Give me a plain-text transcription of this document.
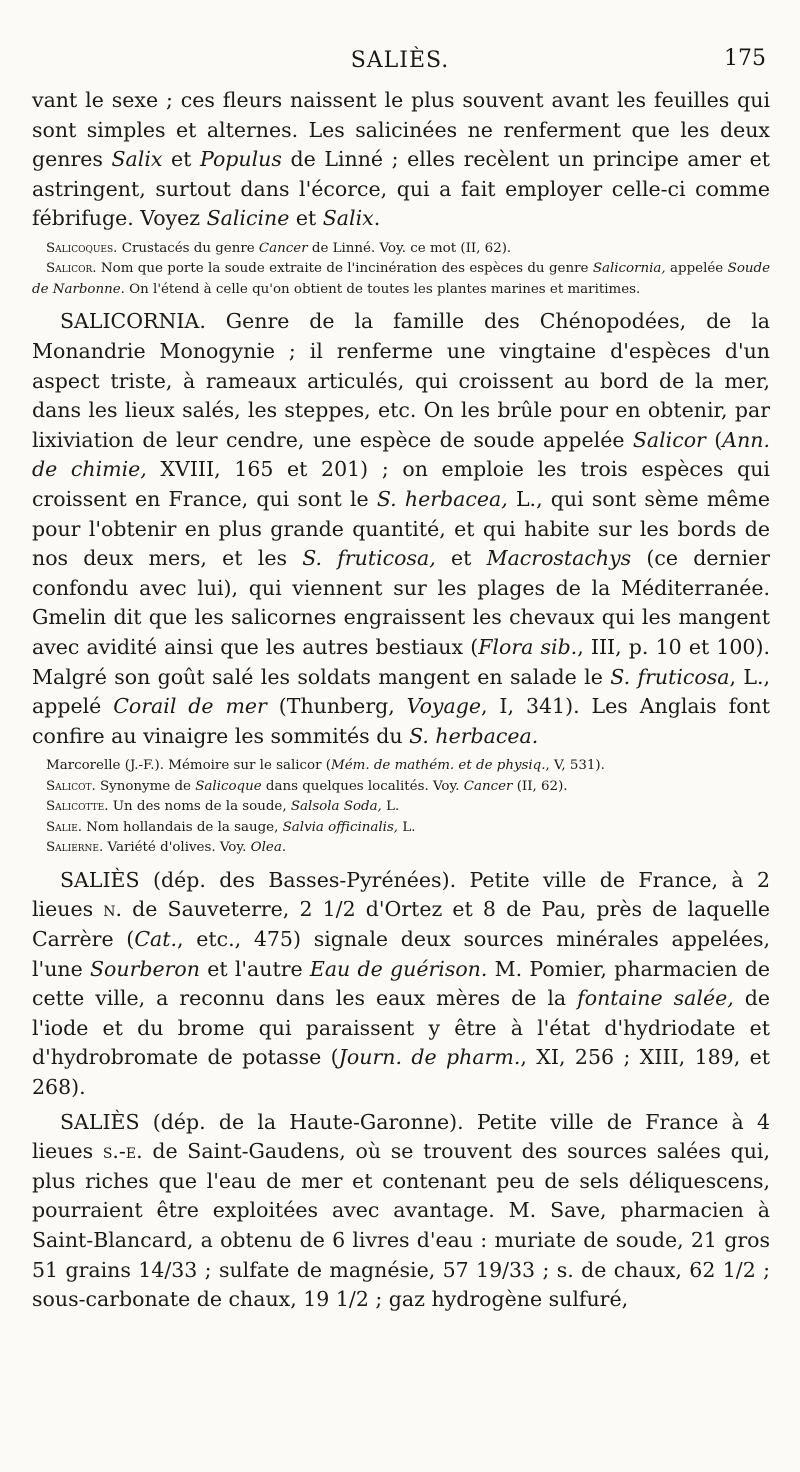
SALIÈS.	175

vant le sexe ; ces fleurs naissent le plus souvent avant les feuilles qui sont simples et alternes. Les salicinées ne renferment que les deux genres Salix et Populus de Linné ; elles recèlent un principe amer et astringent, surtout dans l'écorce, qui a fait employer celle-ci comme fébrifuge. Voyez Salicine et Salix.

Salicoques. Crustacés du genre Cancer de Linné. Voy. ce mot (II, 62).

Salicor. Nom que porte la soude extraite de l'incinération des espèces du genre Salicornia, appelée Soude de Narbonne. On l'étend à celle qu'on obtient de toutes les plantes marines et maritimes.

SALICORNIA. Genre de la famille des Chénopodées, de la Monandrie Monogynie ; il renferme une vingtaine d'espèces d'un aspect triste, à rameaux articulés, qui croissent au bord de la mer, dans les lieux salés, les steppes, etc. On les brûle pour en obtenir, par lixiviation de leur cendre, une espèce de soude appelée Salicor (Ann. de chimie, XVIII, 165 et 201) ; on emploie les trois espèces qui croissent en France, qui sont le S. herbacea, L., qui sont sème même pour l'obtenir en plus grande quantité, et qui habite sur les bords de nos deux mers, et les S. fruticosa, et Macrostachys (ce dernier confondu avec lui), qui viennent sur les plages de la Méditerranée. Gmelin dit que les salicornes engraissent les chevaux qui les mangent avec avidité ainsi que les autres bestiaux (Flora sib., III, p. 10 et 100). Malgré son goût salé les soldats mangent en salade le S. fruticosa, L., appelé Corail de mer (Thunberg, Voyage, I, 341). Les Anglais font confire au vinaigre les sommités du S. herbacea.

Marcorelle (J.-F.). Mémoire sur le salicor (Mém. de mathém. et de physiq., V, 531).

Salicot. Synonyme de Salicoque dans quelques localités. Voy. Cancer (II, 62).

Salicotte. Un des noms de la soude, Salsola Soda, L.

Salie. Nom hollandais de la sauge, Salvia officinalis, L.

Salierne. Variété d'olives. Voy. Olea.

SALIÈS (dép. des Basses-Pyrénées). Petite ville de France, à 2 lieues n. de Sauveterre, 2 1/2 d'Ortez et 8 de Pau, près de laquelle Carrère (Cat., etc., 475) signale deux sources minérales appelées, l'une Sourberon et l'autre Eau de guérison. M. Pomier, pharmacien de cette ville, a reconnu dans les eaux mères de la fontaine salée, de l'iode et du brome qui paraissent y être à l'état d'hydriodate et d'hydrobromate de potasse (Journ. de pharm., XI, 256 ; XIII, 189, et 268).

SALIÈS (dép. de la Haute-Garonne). Petite ville de France à 4 lieues s.-e. de Saint-Gaudens, où se trouvent des sources salées qui, plus riches que l'eau de mer et contenant peu de sels déliquescens, pourraient être exploitées avec avantage. M. Save, pharmacien à Saint-Blancard, a obtenu de 6 livres d'eau : muriate de soude, 21 gros 51 grains 14/33 ; sulfate de magnésie, 57 19/33 ; s. de chaux, 62 1/2 ; sous-carbonate de chaux, 19 1/2 ; gaz hydrogène sulfuré,
